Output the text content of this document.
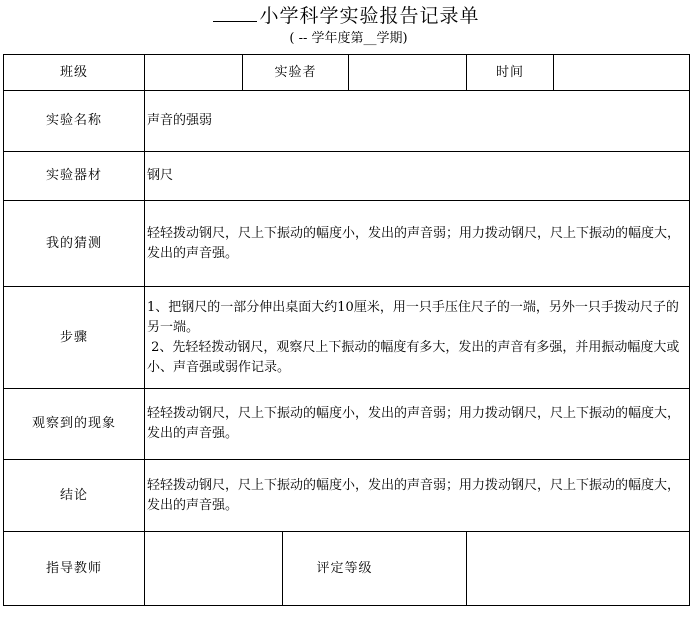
小学科学实验报告记录单
( -- 学年度第__学期)
班级		实验者			时间	
实验名称	声音的强弱					
实验器材	钢尺					
我的猜测	轻轻拨动钢尺，尺上下振动的幅度小，发出的声音弱；用力拨动钢尺，尺上下振动的幅度大，发出的声音强。					
步骤	1、把钢尺的一部分伸出桌面大约10厘米，用一只手压住尺子的一端，另外一只手拨动尺子的另一端。
2、先轻轻拨动钢尺，观察尺上下振动的幅度有多大，发出的声音有多强，并用振动幅度大或小、声音强或弱作记录。					

观察到的现象	轻轻拨动钢尺，尺上下振动的幅度小，发出的声音弱；用力拨动钢尺，尺上下振动的幅度大，发出的声音强。					
结论	轻轻拨动钢尺，尺上下振动的幅度小，发出的声音弱；用力拨动钢尺，尺上下振动的幅度大，发出的声音强。					
指导教师			评定等级			
